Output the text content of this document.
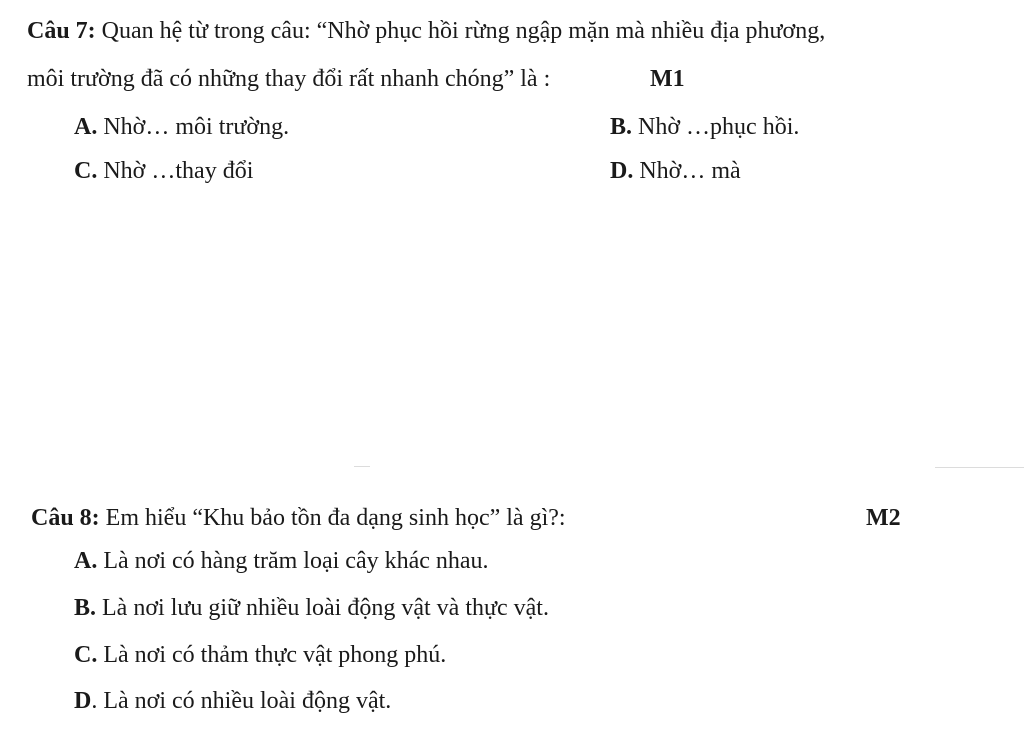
Câu 7: Quan hệ từ trong câu: “Nhờ phục hồi rừng ngập mặn mà nhiều địa phương,
môi trường đã có những thay đổi rất nhanh chóng” là :	M1
A. Nhờ… môi trường.	B. Nhờ …phục hồi.
C. Nhờ …thay đổi	D. Nhờ… mà
Câu 8: Em hiểu “Khu bảo tồn đa dạng sinh học” là gì?:	M2
A. Là nơi có hàng trăm loại cây khác nhau.
B. Là nơi lưu giữ nhiều loài động vật và thực vật.
C. Là nơi có thảm thực vật phong phú.
D. Là nơi có nhiều loài động vật.
